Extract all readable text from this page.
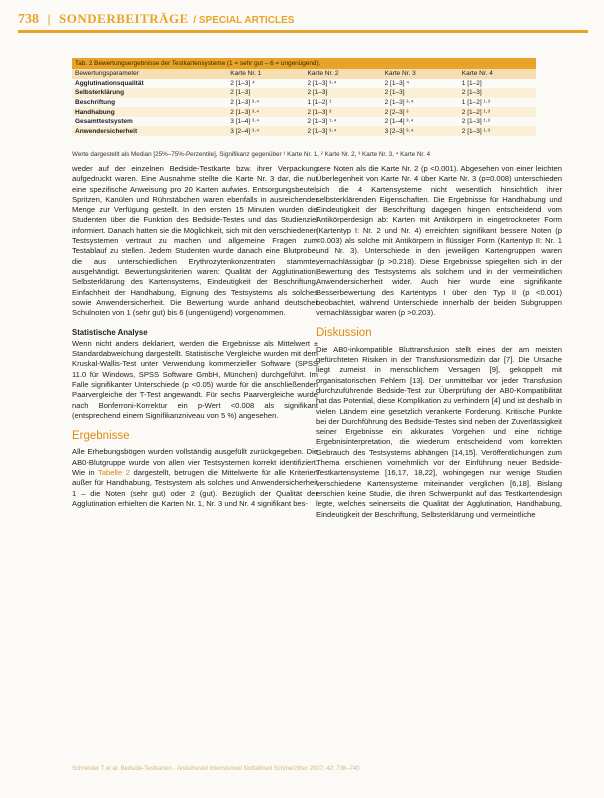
738 | SONDERBEITRÄGE / SPECIAL ARTICLES
Tab. 2 Bewertungsergebnisse der Testkartensysteme (1 = sehr gut – 6 = ungenügend).
Bewertungsparameter	Karte Nr. 1	Karte Nr. 2	Karte Nr. 3	Karte Nr. 4
Agglutinationsqualität	2 [1–3] ⁴	2 [1–3] ³·⁴	2 [1–3] ⁴	1 [1–2]
Selbsterklärung	2 [1–3]	2 [1–3]	2 [1–3]	2 [1–3]
Beschriftung	2 [1–3] ³·⁴	1 [1–2] ¹	2 [1–3] ³·⁴	1 [1–2] ¹·³
Handhabung	2 [1–3] ³·⁴	2 [1–3] ³	2 [2–3] ³	2 [1–2] ¹·³
Gesamttestsystem	3 [1–4] ³·⁴	2 [1–3] ¹·⁴	2 [1–4] ³·⁴	2 [1–3] ¹·³
Anwendersicherheit	3 [2–4] ³·⁴	2 [1–3] ³·⁴	3 [2–3] ³·⁴	2 [1–3] ¹·³
Werte dargestellt als Median [25%–75%-Perzentile], Signifikanz gegenüber ¹ Karte Nr. 1, ² Karte Nr. 2, ³ Karte Nr. 3, ⁴ Karte Nr. 4

weder auf der einzelnen Bedside-Testkarte bzw. ihrer Verpackung aufgedruckt waren. Eine Ausnahme stellte die Karte Nr. 3 dar, die nur eine spezifische Anweisung pro 20 Karten aufwies. Entsorgungsbeutel, Spritzen, Kanülen und Rührstäbchen waren ebenfalls in ausreichender Menge zur Verfügung gestellt. In den ersten 15 Minuten wurden die Studenten über die Funktion des Bedside-Testes und das Studienziel informiert. Danach hatten sie die Möglichkeit, sich mit den verschiedenen Testsystemen vertraut zu machen und allgemeine Fragen zum Testablauf zu stellen. Jedem Studenten wurde danach eine Blutprobe, die aus unterschiedlichen Erythrozytenkonzentraten stammte, ausgehändigt. Bewertungskriterien waren: Qualität der Agglutination, Selbsterklärung des Kartensystems, Eindeutigkeit der Beschriftung, Einfachheit der Handhabung, Eignung des Testsystems als solches sowie Anwendersicherheit. Die Bewertung wurde anhand deutscher Schulnoten von 1 (sehr gut) bis 6 (ungenügend) vorgenommen.

Statistische Analyse

Wenn nicht anders deklariert, werden die Ergebnisse als Mittelwert ± Standardabweichung dargestellt. Statistische Vergleiche wurden mit dem Kruskal-Wallis-Test unter Verwendung kommerzieller Software (SPSS 11.0 für Windows, SPSS Software GmbH, München) durchgeführt. Im Falle signifikanter Unterschiede (p <0.05) wurde für die anschließenden Paarvergleiche der T-Test angewandt. Für sechs Paarvergleiche wurde nach Bonferroni-Korrektur ein p-Wert <0.008 als signifikant (entsprechend einem Signifikanzniveau von 5 %) angesehen.

Ergebnisse

Alle Erhebungsbögen wurden vollständig ausgefüllt zurückgegeben. Die AB0-Blutgruppe wurde von allen vier Testsystemen korrekt identifiziert. Wie in Tabelle 2 dargestellt, betrugen die Mittelwerte für alle Kriterien außer für Handhabung, Testsystem als solches und Anwendersicherheit 1 – die Noten (sehr gut) oder 2 (gut). Bezüglich der Qualität der Agglutination erhielten die Karten Nr. 1, Nr. 3 und Nr. 4 signifikant bes-

sere Noten als die Karte Nr. 2 (p <0.001). Abgesehen von einer leichten Überlegenheit von Karte Nr. 4 über Karte Nr. 3 (p=0.008) unterschieden sich die 4 Kartensysteme nicht wesentlich hinsichtlich ihrer selbsterklärenden Eigenschaften. Die Ergebnisse für Handhabung und Eindeutigkeit der Beschriftung dagegen hingen entscheidend vom Antikörperdesign ab: Karten mit Antikörpern in eingetrockneter Form (Kartentyp I: Nr. 2 und Nr. 4) erreichten signifikant bessere Noten (p <0.003) als solche mit Antikörpern in flüssiger Form (Kartentyp II: Nr. 1 und Nr. 3). Unterschiede in den jeweiligen Kartengruppen waren vernachlässigbar (p >0.218). Diese Ergebnisse spiegelten sich in der Bewertung des Testsystems als solchem und in der vermeintlichen Anwendersicherheit wider. Auch hier wurde eine signifikante Besserbewertung des Kartentyps I über den Typ II (p <0.001) beobachtet, während Unterschiede innerhalb der beiden Subgruppen vernachlässigbar waren (p >0.203).

Diskussion

Die AB0-inkompatible Bluttransfusion stellt eines der am meisten gefürchteten Risiken in der Transfusionsmedizin dar [7]. Die Ursache liegt zumeist in menschlichem Versagen [9], gekoppelt mit organisatorischen Fehlern [13]. Der unmittelbar vor jeder Transfusion durchzuführende Bedside-Test zur Überprüfung der AB0-Kompatibilität hat das Potential, diese Komplikation zu verhindern [4] und ist deshalb in vielen Ländern eine gesetzlich verankerte Forderung. Kritische Punkte bei der Durchführung des Bedside-Testes sind neben der Zuverlässigkeit seiner Ergebnisse ein akkurates Vorgehen und eine richtige Ergebnisinterpretation, die wiederum entscheidend vom korrekten Gebrauch des Testsystems abhängen [14,15]. Veröffentlichungen zum Thema erschienen vornehmlich vor der Einführung neuer Bedside-Testkartensysteme [16,17, 18,22], wohingegen nur wenige Studien verschiedene Kartensysteme miteinander verglichen [6,18]. Bislang erschien keine Studie, die ihren Schwerpunkt auf das Testkartendesign legte, welches seinerseits die Qualität der Agglutination, Handhabung, Eindeutigkeit der Beschriftung, Selbsterklärung und vermeintliche

Schneider T et al. Bedside-Testkarten · Anästhesiol Intensivmed Notfallmed Schmerzther 2007; 42: 736–740
